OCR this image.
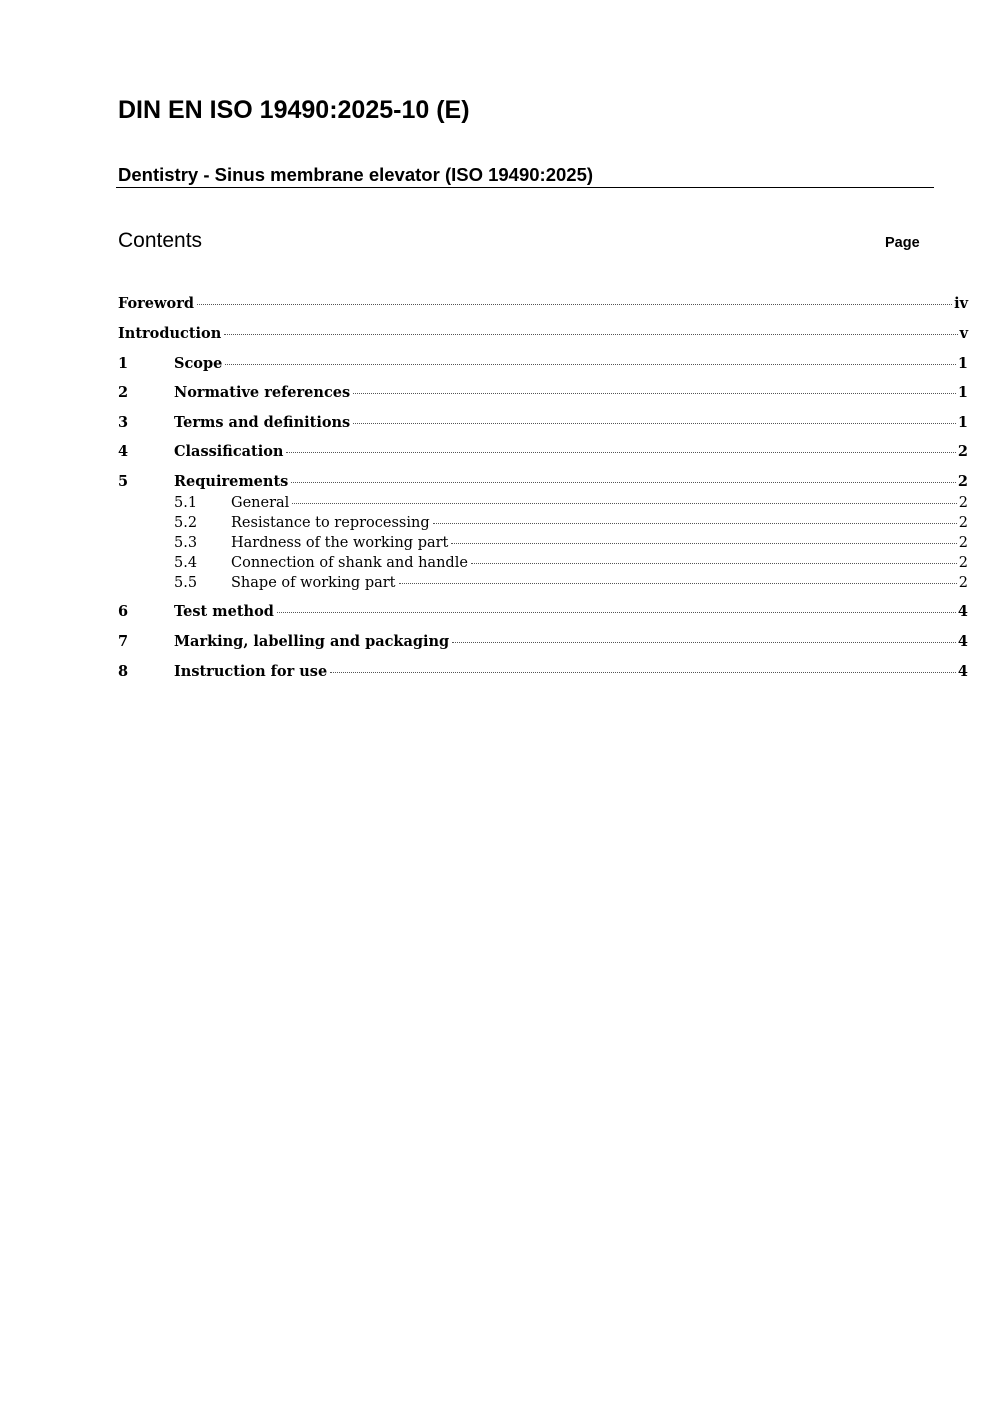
DIN EN ISO 19490:2025-10 (E)
Dentistry - Sinus membrane elevator (ISO 19490:2025)
Contents	Page
Foreword	iv
Introduction	v
1	Scope	1
2	Normative references	1
3	Terms and definitions	1
4	Classification	2
5	Requirements	2
5.1	General	2
5.2	Resistance to reprocessing	2
5.3	Hardness of the working part	2
5.4	Connection of shank and handle	2
5.5	Shape of working part	2
6	Test method	4
7	Marking, labelling and packaging	4
8	Instruction for use	4
